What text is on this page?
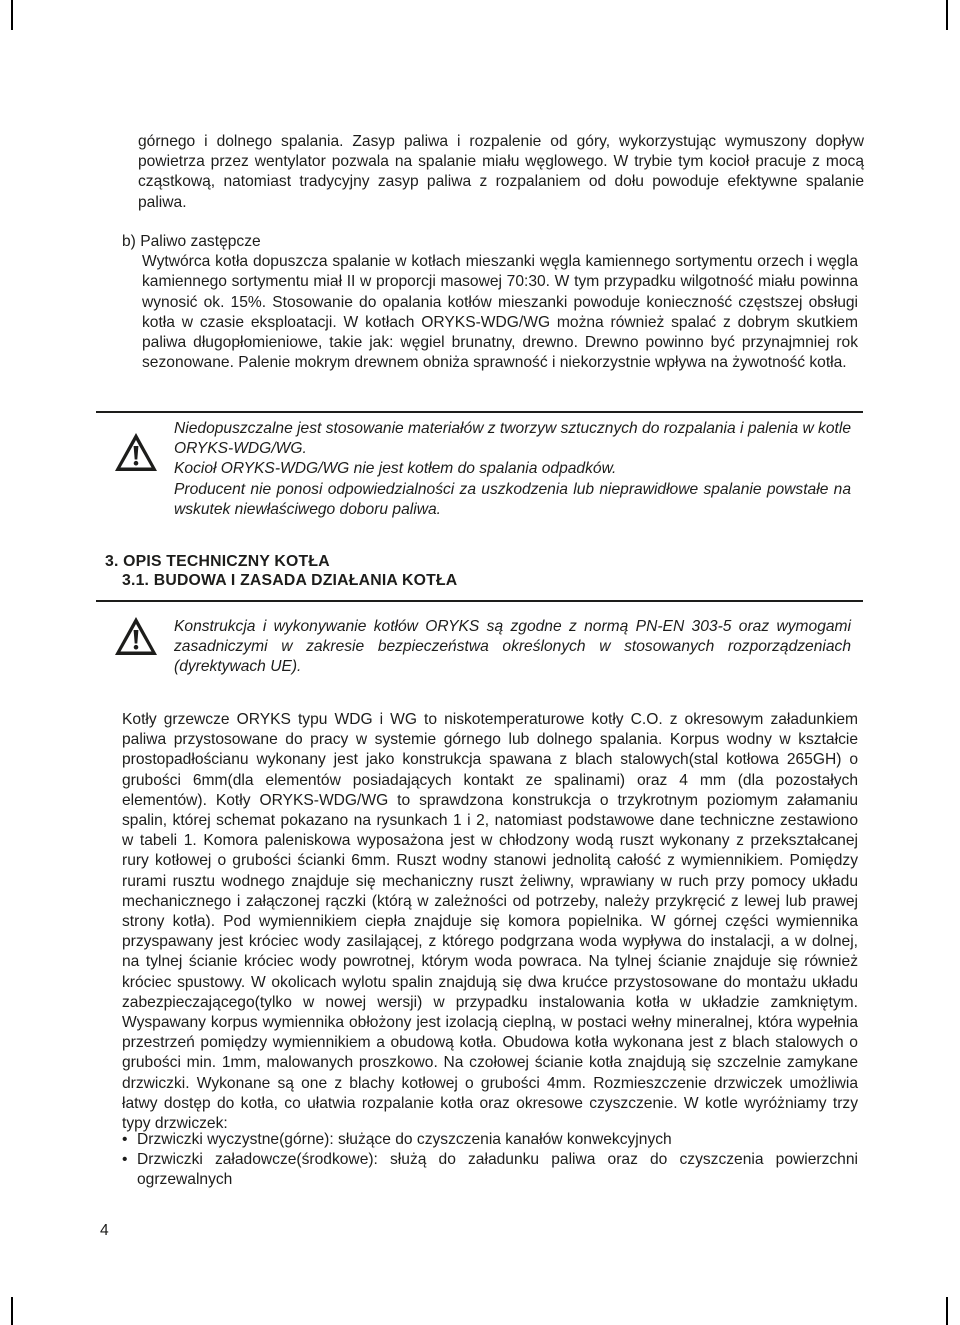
górnego i dolnego spalania. Zasyp paliwa i rozpalenie od góry, wykorzystując wymuszony dopływ powietrza przez wentylator pozwala na spalanie miału węglowego. W trybie tym kocioł pracuje z mocą cząstkową, natomiast tradycyjny zasyp paliwa z rozpalaniem od dołu powoduje efektywne spalanie paliwa.

b) Paliwo zastępcze

Wytwórca kotła dopuszcza spalanie w kotłach mieszanki węgla kamiennego sortymentu orzech i węgla kamiennego sortymentu miał II w proporcji masowej 70:30. W tym przypadku wilgotność miału powinna wynosić ok. 15%. Stosowanie do opalania kotłów mieszanki powoduje konieczność częstszej obsługi kotła w czasie eksploatacji. W kotłach ORYKS-WDG/WG można również spalać z dobrym skutkiem paliwa długopłomieniowe, takie jak: węgiel brunatny, drewno. Drewno powinno być przynajmniej rok sezonowane. Palenie mokrym drewnem obniża sprawność i niekorzystnie wpływa na żywotność kotła.

Niedopuszczalne jest stosowanie materiałów z tworzyw sztucznych do rozpalania i palenia w kotle ORYKS-WDG/WG.
Kocioł ORYKS-WDG/WG nie jest kotłem do spalania odpadków.
Producent nie ponosi odpowiedzialności za uszkodzenia lub nieprawidłowe spalanie powstałe na wskutek niewłaściwego doboru paliwa.

3. OPIS TECHNICZNY KOTŁA

3.1. BUDOWA I ZASADA DZIAŁANIA KOTŁA

Konstrukcja i wykonywanie kotłów ORYKS są zgodne z normą PN-EN 303-5 oraz wymogami zasadniczymi w zakresie bezpieczeństwa określonych w stosowanych rozporządzeniach (dyrektywach UE).

Kotły grzewcze ORYKS typu WDG i WG to niskotemperaturowe kotły C.O. z okresowym załadunkiem paliwa przystosowane do pracy w systemie górnego lub dolnego spalania. Korpus wodny w kształcie prostopadłościanu wykonany jest jako konstrukcja spawana z blach stalowych(stal kotłowa 265GH) o grubości 6mm(dla elementów posiadających kontakt ze spalinami) oraz 4 mm (dla pozostałych elementów). Kotły ORYKS-WDG/WG to sprawdzona konstrukcja o trzykrotnym poziomym załamaniu spalin, której schemat pokazano na rysunkach 1 i 2, natomiast podstawowe dane techniczne zestawiono w tabeli 1. Komora paleniskowa wyposażona jest w chłodzony wodą ruszt wykonany z przekształcanej rury kotłowej o grubości ścianki 6mm. Ruszt wodny stanowi jednolitą całość z wymiennikiem. Pomiędzy rurami rusztu wodnego znajduje się mechaniczny ruszt żeliwny, wprawiany w ruch przy pomocy układu mechanicznego i załączonej rączki (którą w zależności od potrzeby, należy przykręcić z lewej lub prawej strony kotła). Pod wymiennikiem ciepła znajduje się komora popielnika. W górnej części wymiennika przyspawany jest króciec wody zasilającej, z którego podgrzana woda wypływa do instalacji, a w dolnej, na tylnej ścianie króciec wody powrotnej, którym woda powraca. Na tylnej ścianie znajduje się również króciec spustowy. W okolicach wylotu spalin znajdują się dwa krućce przystosowane do montażu układu zabezpieczającego(tylko w nowej wersji) w przypadku instalowania kotła w układzie zamkniętym. Wyspawany korpus wymiennika obłożony jest izolacją cieplną, w postaci wełny mineralnej, która wypełnia przestrzeń pomiędzy wymiennikiem a obudową kotła. Obudowa kotła wykonana jest z blach stalowych o grubości min. 1mm, malowanych proszkowo. Na czołowej ścianie kotła znajdują się szczelnie zamykane drzwiczki. Wykonane są one z blachy kotłowej o grubości 4mm. Rozmieszczenie drzwiczek umożliwia łatwy dostęp do kotła, co ułatwia rozpalanie kotła oraz okresowe czyszczenie. W kotle wyróżniamy trzy typy drzwiczek:

• Drzwiczki wyczystne(górne): służące do czyszczenia kanałów konwekcyjnych
• Drzwiczki załadowcze(środkowe): służą do załadunku paliwa oraz do czyszczenia powierzchni ogrzewalnych
4
